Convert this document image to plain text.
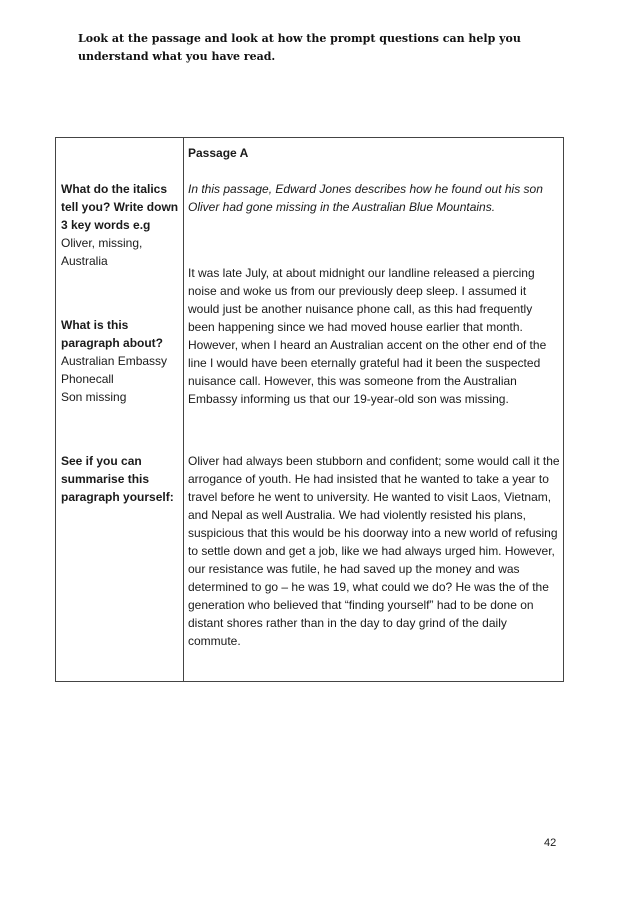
Look at the passage and look at how the prompt questions can help you understand what you have read.

Passage A

In this passage, Edward Jones describes how he found out his son Oliver had gone missing in the Australian Blue Mountains.

What do the italics tell you? Write down 3 key words e.g
Oliver, missing,
Australia

It was late July, at about midnight our landline released a piercing noise and woke us from our previously deep sleep. I assumed it would just be another nuisance phone call, as this had frequently been happening since we had moved house earlier that month. However, when I heard an Australian accent on the other end of the line I would have been eternally grateful had it been the suspected nuisance call. However, this was someone from the Australian Embassy informing us that our 19-year-old son was missing.

What is this paragraph about?
Australian Embassy
Phonecall
Son missing
See if you can summarise this paragraph yourself:

Oliver had always been stubborn and confident; some would call it the arrogance of youth. He had insisted that he wanted to take a year to travel before he went to university. He wanted to visit Laos, Vietnam, and Nepal as well Australia. We had violently resisted his plans, suspicious that this would be his doorway into a new world of refusing to settle down and get a job, like we had always urged him. However, our resistance was futile, he had saved up the money and was determined to go – he was 19, what could we do? He was the of the generation who believed that “finding yourself” had to be done on distant shores rather than in the day to day grind of the daily commute.

42
